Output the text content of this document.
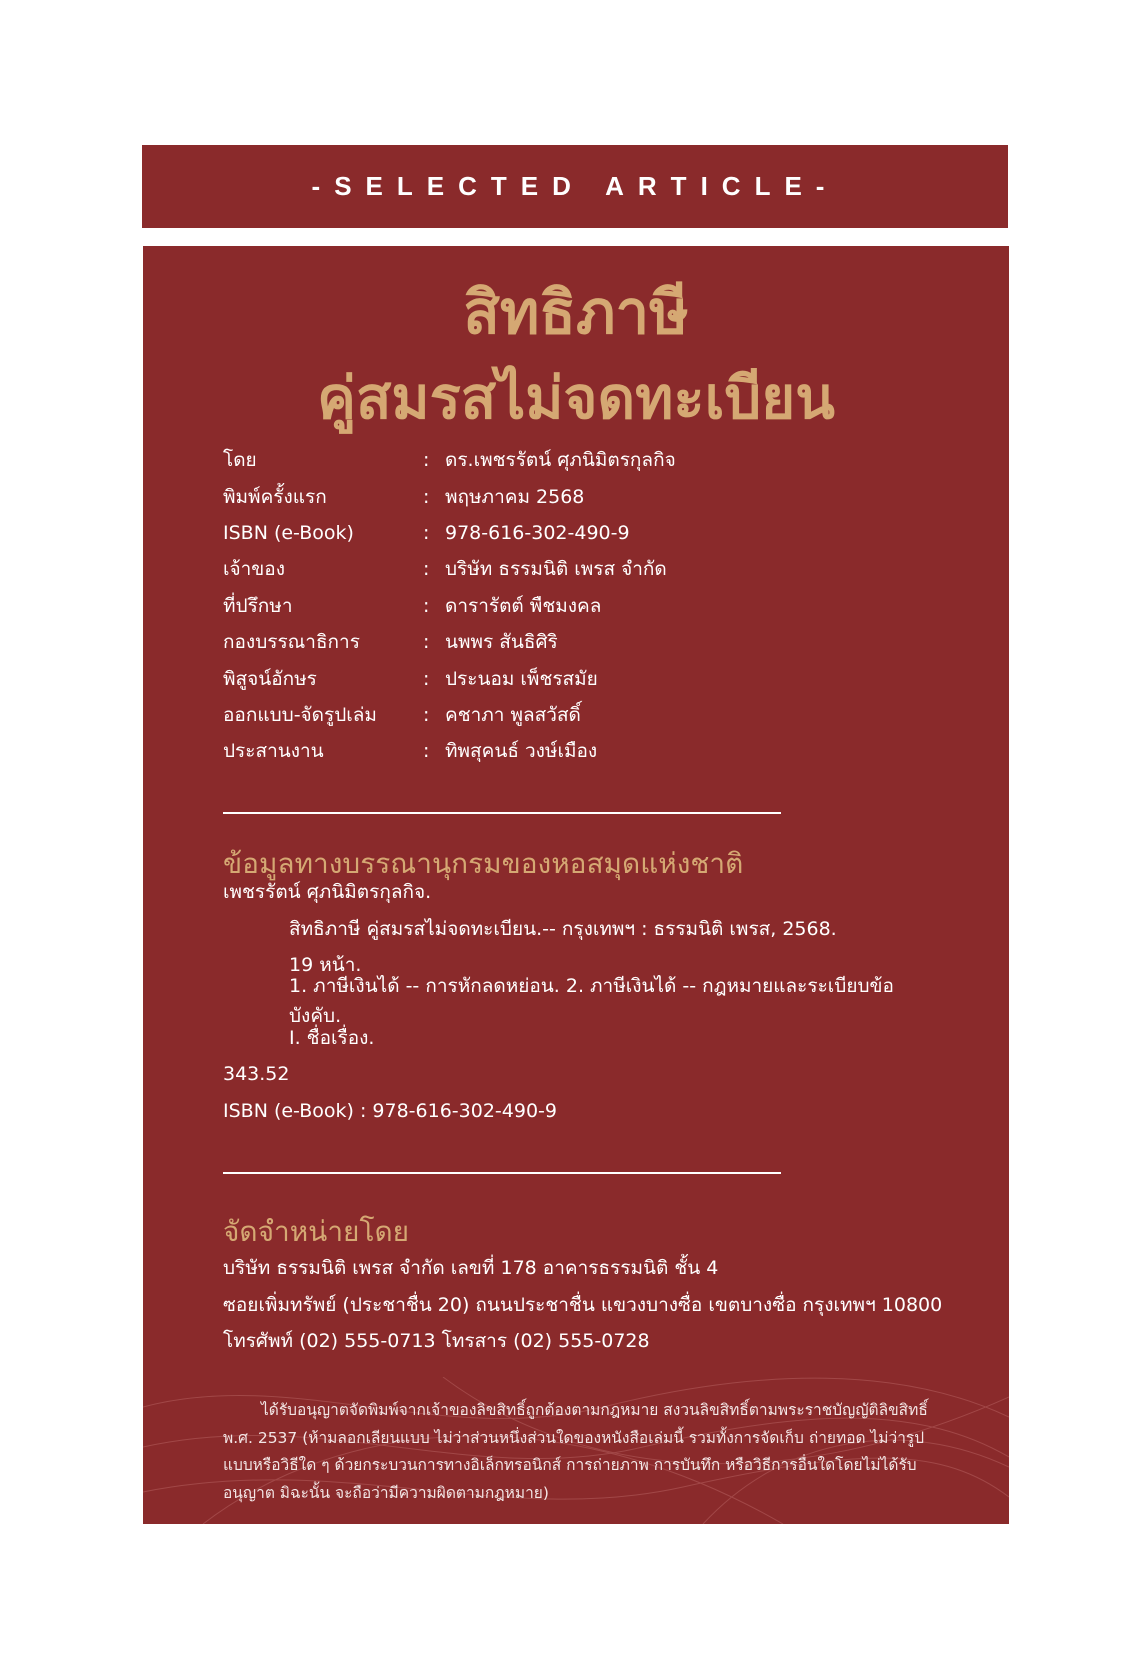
-SELECTED ARTICLE-
สิทธิภาษี
คู่สมรสไม่จดทะเบียน
โดย	: ดร.เพชรรัตน์ ศุภนิมิตรกุลกิจ
พิมพ์ครั้งแรก	: พฤษภาคม 2568
ISBN (e-Book)	: 978-616-302-490-9
เจ้าของ	: บริษัท ธรรมนิติ เพรส จำกัด
ที่ปรึกษา	: ดารารัตต์ พืชมงคล
กองบรรณาธิการ	: นพพร สันธิศิริ
พิสูจน์อักษร	: ประนอม เพ็ชรสมัย
ออกแบบ-จัดรูปเล่ม	: คชาภา พูลสวัสดิ์
ประสานงาน	: ทิพสุคนธ์ วงษ์เมือง
ข้อมูลทางบรรณานุกรมของหอสมุดแห่งชาติ
เพชรรัตน์ ศุภนิมิตรกุลกิจ.
สิทธิภาษี คู่สมรสไม่จดทะเบียน.-- กรุงเทพฯ : ธรรมนิติ เพรส, 2568.
19 หน้า.
1. ภาษีเงินได้ -- การหักลดหย่อน. 2. ภาษีเงินได้ -- กฎหมายและระเบียบข้อบังคับ.
I. ชื่อเรื่อง.
343.52
ISBN (e-Book) : 978-616-302-490-9
จัดจำหน่ายโดย
บริษัท ธรรมนิติ เพรส จำกัด เลขที่ 178 อาคารธรรมนิติ ชั้น 4
ซอยเพิ่มทรัพย์ (ประชาชื่น 20) ถนนประชาชื่น แขวงบางซื่อ เขตบางซื่อ กรุงเทพฯ 10800
โทรศัพท์ (02) 555-0713 โทรสาร (02) 555-0728

ได้รับอนุญาตจัดพิมพ์จากเจ้าของลิขสิทธิ์ถูกต้องตามกฎหมาย สงวนลิขสิทธิ์ตามพระราชบัญญัติลิขสิทธิ์ พ.ศ. 2537 (ห้ามลอกเลียนแบบ ไม่ว่าส่วนหนึ่งส่วนใดของหนังสือเล่มนี้ รวมทั้งการจัดเก็บ ถ่ายทอด ไม่ว่ารูปแบบหรือวิธีใด ๆ ด้วยกระบวนการทางอิเล็กทรอนิกส์ การถ่ายภาพ การบันทึก หรือวิธีการอื่นใดโดยไม่ได้รับอนุญาต มิฉะนั้น จะถือว่ามีความผิดตามกฎหมาย)
